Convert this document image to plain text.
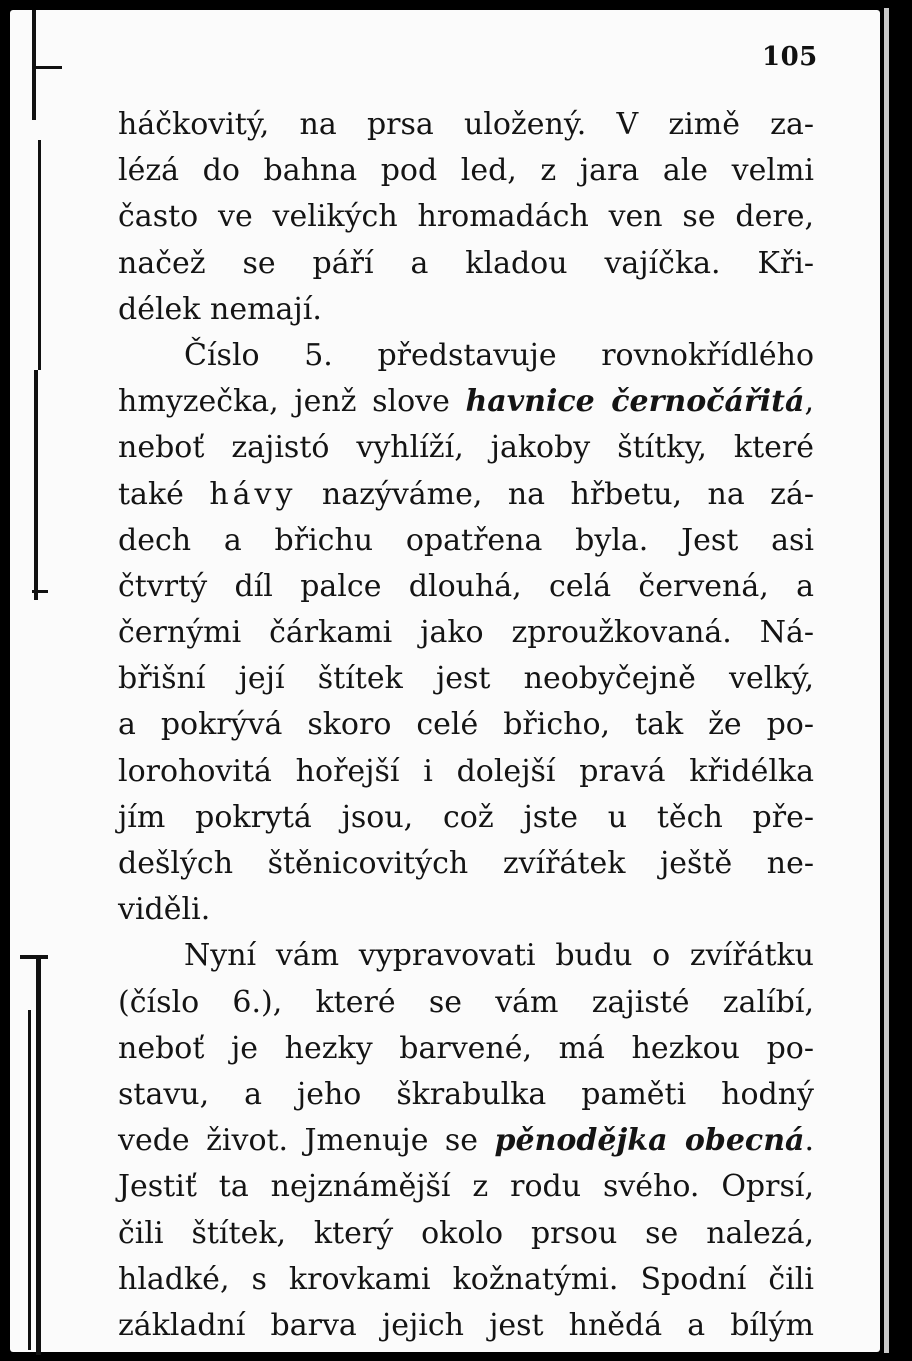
105
háčkovitý, na prsa uložený. V zimě za-
lézá do bahna pod led, z jara ale velmi
často ve velikých hromadách ven se dere,
načež se páří a kladou vajíčka. Kři-
délek nemají.
Číslo 5. představuje rovnokřídlého
hmyzečka, jenž slove havnice černočářitá,
neboť zajistó vyhlíží, jakoby štítky, které
také hávy nazýváme, na hřbetu, na zá-
dech a břichu opatřena byla. Jest asi
čtvrtý díl palce dlouhá, celá červená, a
černými čárkami jako zproužkovaná. Ná-
břišní její štítek jest neobyčejně velký,
a pokrývá skoro celé břicho, tak že po-
lorohovitá hořejší i dolejší pravá křidélka
jím pokrytá jsou, což jste u těch pře-
dešlých štěnicovitých zvířátek ještě ne-
viděli.
Nyní vám vypravovati budu o zvířátku
(číslo 6.), které se vám zajisté zalíbí,
neboť je hezky barvené, má hezkou po-
stavu, a jeho škrabulka paměti hodný
vede život. Jmenuje se pěnodějka obecná.
Jestiť ta nejznámější z rodu svého. Oprsí,
čili štítek, který okolo prsou se nalezá,
hladké, s krovkami kožnatými. Spodní čili
základní barva jejich jest hnědá a bílým
